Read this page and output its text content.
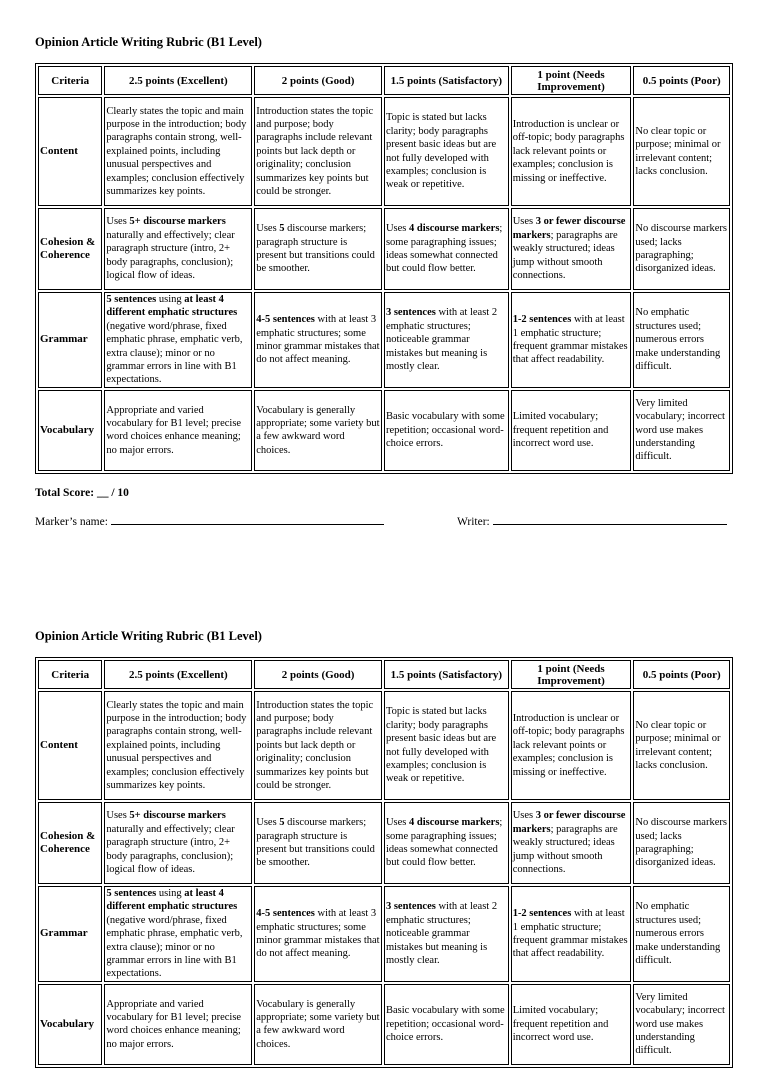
Opinion Article Writing Rubric (B1 Level)
Criteria	2.5 points (Excellent)	2 points (Good)	1.5 points (Satisfactory)	1 point (Needs Improvement)	0.5 points (Poor)
Content	Clearly states the topic and main purpose in the introduction; body paragraphs contain strong, well-explained points, including unusual perspectives and examples; conclusion effectively summarizes key points.	Introduction states the topic and purpose; body paragraphs include relevant points but lack depth or originality; conclusion summarizes key points but could be stronger.	Topic is stated but lacks clarity; body paragraphs present basic ideas but are not fully developed with examples; conclusion is weak or repetitive.	Introduction is unclear or off-topic; body paragraphs lack relevant points or examples; conclusion is missing or ineffective.	No clear topic or purpose; minimal or irrelevant content; lacks conclusion.
Cohesion & Coherence	Uses 5+ discourse markers naturally and effectively; clear paragraph structure (intro, 2+ body paragraphs, conclusion); logical flow of ideas.	Uses 5 discourse markers; paragraph structure is present but transitions could be smoother.	Uses 4 discourse markers; some paragraphing issues; ideas somewhat connected but could flow better.	Uses 3 or fewer discourse markers; paragraphs are weakly structured; ideas jump without smooth connections.	No discourse markers used; lacks paragraphing; disorganized ideas.
Grammar	5 sentences using at least 4 different emphatic structures (negative word/phrase, fixed emphatic phrase, emphatic verb, extra clause); minor or no grammar errors in line with B1 expectations.	4-5 sentences with at least 3 emphatic structures; some minor grammar mistakes that do not affect meaning.	3 sentences with at least 2 emphatic structures; noticeable grammar mistakes but meaning is mostly clear.	1-2 sentences with at least 1 emphatic structure; frequent grammar mistakes that affect readability.	No emphatic structures used; numerous errors make understanding difficult.
Vocabulary	Appropriate and varied vocabulary for B1 level; precise word choices enhance meaning; no major errors.	Vocabulary is generally appropriate; some variety but a few awkward word choices.	Basic vocabulary with some repetition; occasional word-choice errors.	Limited vocabulary; frequent repetition and incorrect word use.	Very limited vocabulary; incorrect word use makes understanding difficult.
Total Score: __ / 10
Marker’s name:	Writer:
Opinion Article Writing Rubric (B1 Level)
Criteria	2.5 points (Excellent)	2 points (Good)	1.5 points (Satisfactory)	1 point (Needs Improvement)	0.5 points (Poor)
Content	Clearly states the topic and main purpose in the introduction; body paragraphs contain strong, well-explained points, including unusual perspectives and examples; conclusion effectively summarizes key points.	Introduction states the topic and purpose; body paragraphs include relevant points but lack depth or originality; conclusion summarizes key points but could be stronger.	Topic is stated but lacks clarity; body paragraphs present basic ideas but are not fully developed with examples; conclusion is weak or repetitive.	Introduction is unclear or off-topic; body paragraphs lack relevant points or examples; conclusion is missing or ineffective.	No clear topic or purpose; minimal or irrelevant content; lacks conclusion.
Cohesion & Coherence	Uses 5+ discourse markers naturally and effectively; clear paragraph structure (intro, 2+ body paragraphs, conclusion); logical flow of ideas.	Uses 5 discourse markers; paragraph structure is present but transitions could be smoother.	Uses 4 discourse markers; some paragraphing issues; ideas somewhat connected but could flow better.	Uses 3 or fewer discourse markers; paragraphs are weakly structured; ideas jump without smooth connections.	No discourse markers used; lacks paragraphing; disorganized ideas.
Grammar	5 sentences using at least 4 different emphatic structures (negative word/phrase, fixed emphatic phrase, emphatic verb, extra clause); minor or no grammar errors in line with B1 expectations.	4-5 sentences with at least 3 emphatic structures; some minor grammar mistakes that do not affect meaning.	3 sentences with at least 2 emphatic structures; noticeable grammar mistakes but meaning is mostly clear.	1-2 sentences with at least 1 emphatic structure; frequent grammar mistakes that affect readability.	No emphatic structures used; numerous errors make understanding difficult.
Vocabulary	Appropriate and varied vocabulary for B1 level; precise word choices enhance meaning; no major errors.	Vocabulary is generally appropriate; some variety but a few awkward word choices.	Basic vocabulary with some repetition; occasional word-choice errors.	Limited vocabulary; frequent repetition and incorrect word use.	Very limited vocabulary; incorrect word use makes understanding difficult.
